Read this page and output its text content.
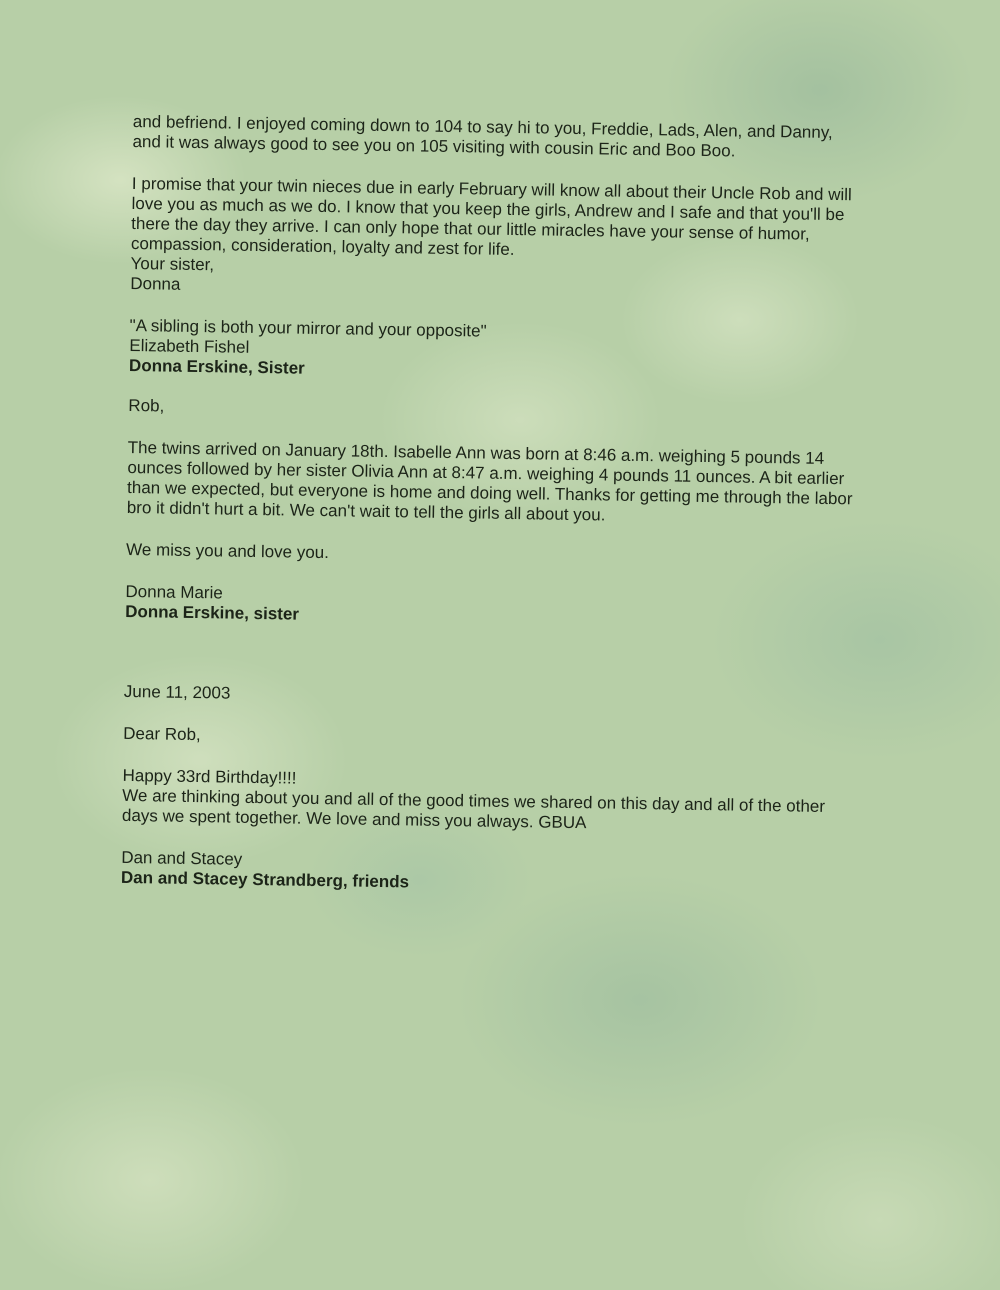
and befriend. I enjoyed coming down to 104 to say hi to you, Freddie, Lads, Alen, and Danny, and it was always good to see you on 105 visiting with cousin Eric and Boo Boo.

I promise that your twin nieces due in early February will know all about their Uncle Rob and will love you as much as we do. I know that you keep the girls, Andrew and I safe and that you'll be there the day they arrive. I can only hope that our little miracles have your sense of humor, compassion, consideration, loyalty and zest for life.

Your sister,

Donna

"A sibling is both your mirror and your opposite"

Elizabeth Fishel

Donna Erskine, Sister

Rob,

The twins arrived on January 18th. Isabelle Ann was born at 8:46 a.m. weighing 5 pounds 14 ounces followed by her sister Olivia Ann at 8:47 a.m. weighing 4 pounds 11 ounces. A bit earlier than we expected, but everyone is home and doing well. Thanks for getting me through the labor bro it didn't hurt a bit. We can't wait to tell the girls all about you.

We miss you and love you.

Donna Marie

Donna Erskine, sister

June 11, 2003

Dear Rob,

Happy 33rd Birthday!!!!

We are thinking about you and all of the good times we shared on this day and all of the other days we spent together. We love and miss you always. GBUA

Dan and Stacey

Dan and Stacey Strandberg, friends
